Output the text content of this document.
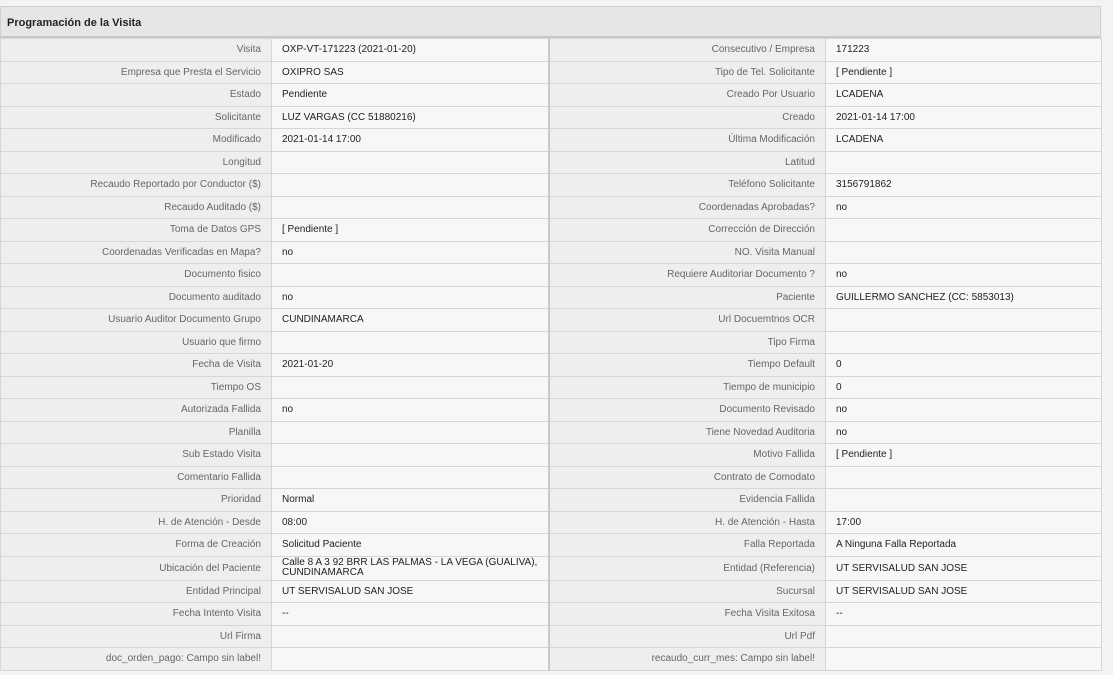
Programación de la Visita
Visita	OXP-VT-171223 (2021-01-20)	Consecutivo / Empresa	171223
Empresa que Presta el Servicio	OXIPRO SAS	Tipo de Tel. Solicitante	[ Pendiente ]
Estado	Pendiente	Creado Por Usuario	LCADENA
Solicitante	LUZ VARGAS (CC 51880216)	Creado	2021-01-14 17:00
Modificado	2021-01-14 17:00	Última Modificación	LCADENA
Longitud		Latitud	
Recaudo Reportado por Conductor ($)		Teléfono Solicitante	3156791862
Recaudo Auditado ($)		Coordenadas Aprobadas?	no
Toma de Datos GPS	[ Pendiente ]	Corrección de Dirección	
Coordenadas Verificadas en Mapa?	no	NO. Visita Manual	
Documento fisico		Requiere Auditoriar Documento ?	no
Documento auditado	no	Paciente	GUILLERMO SANCHEZ (CC: 5853013)
Usuario Auditor Documento Grupo	CUNDINAMARCA	Url Docuemtnos OCR	
Usuario que firmo		Tipo Firma	
Fecha de Visita	2021-01-20	Tiempo Default	0
Tiempo OS		Tiempo de municipio	0
Autorizada Fallida	no	Documento Revisado	no
Planilla		Tiene Novedad Auditoria	no
Sub Estado Visita		Motivo Fallida	[ Pendiente ]
Comentario Fallida		Contrato de Comodato	
Prioridad	Normal	Evidencia Fallida	
H. de Atención - Desde	08:00	H. de Atención - Hasta	17:00
Forma de Creación	Solicitud Paciente	Falla Reportada	A Ninguna Falla Reportada
Ubicación del Paciente	Calle 8 A 3 92 BRR LAS PALMAS - LA VEGA (GUALIVA), CUNDINAMARCA	Entidad (Referencia)	UT SERVISALUD SAN JOSE
Entidad Principal	UT SERVISALUD SAN JOSE	Sucursal	UT SERVISALUD SAN JOSE
Fecha Intento Visita	--	Fecha Visita Exitosa	--
Url Firma		Url Pdf	
doc_orden_pago: Campo sin label!		recaudo_curr_mes: Campo sin label!	
